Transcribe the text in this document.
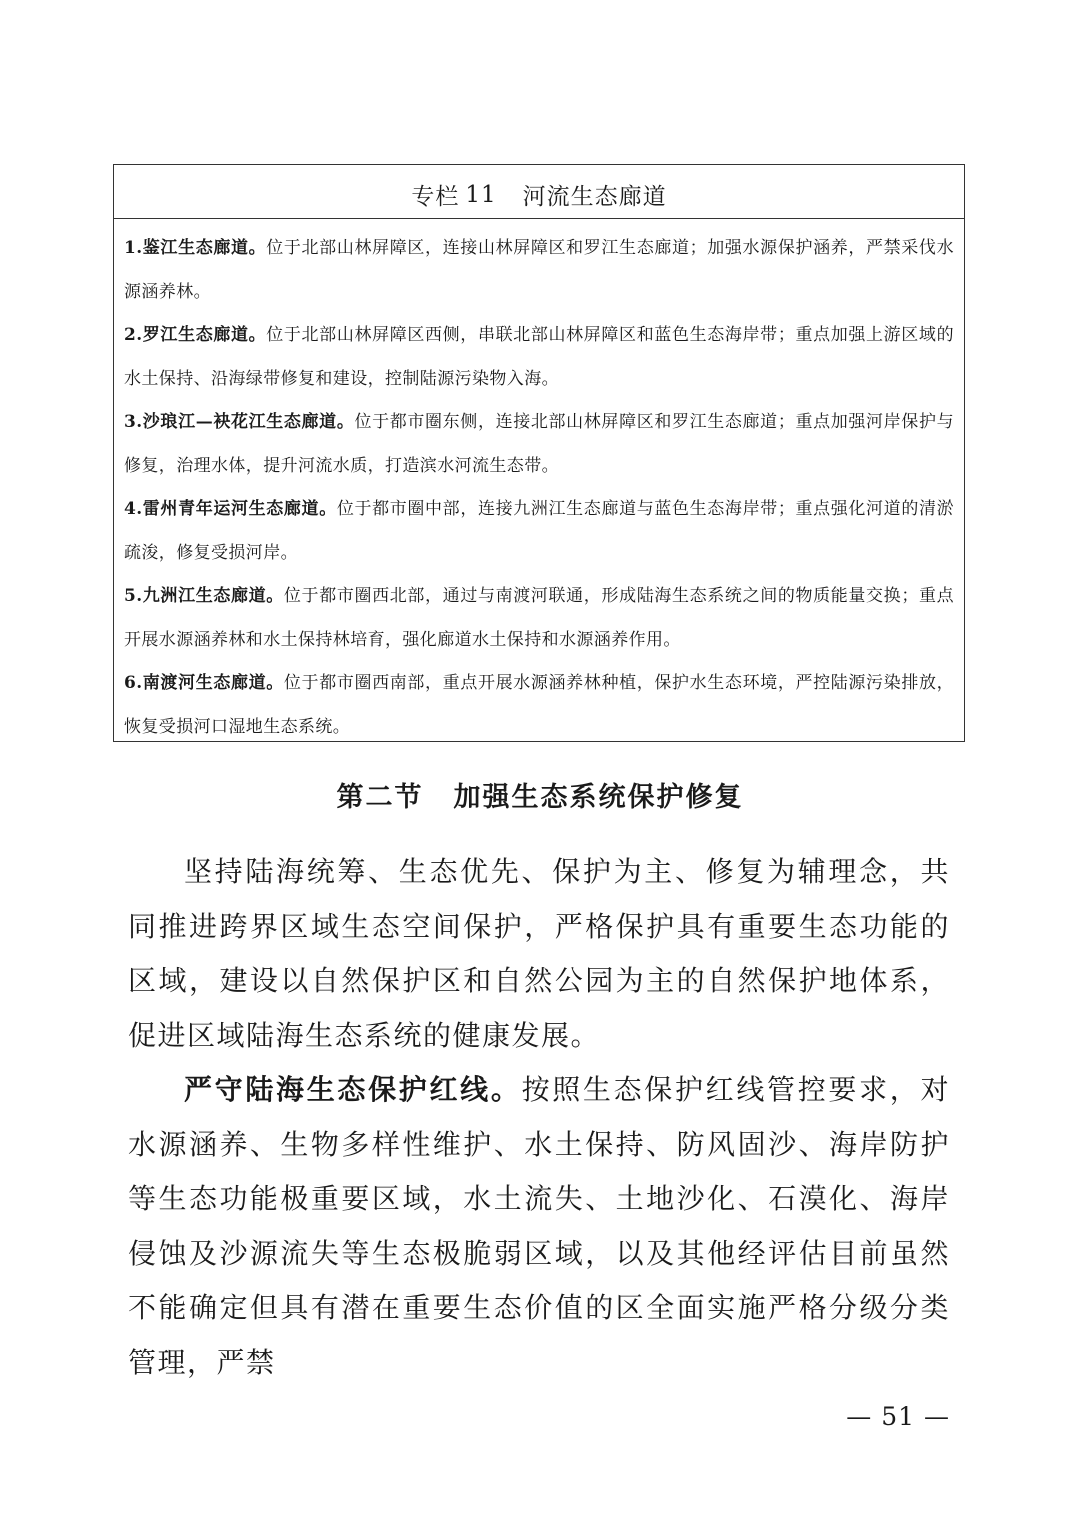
专栏 11 河流生态廊道

1.鉴江生态廊道。位于北部山林屏障区，连接山林屏障区和罗江生态廊道；加强水源保护涵养，严禁采伐水源涵养林。

2.罗江生态廊道。位于北部山林屏障区西侧，串联北部山林屏障区和蓝色生态海岸带；重点加强上游区域的水土保持、沿海绿带修复和建设，控制陆源污染物入海。

3.沙琅江—袂花江生态廊道。位于都市圈东侧，连接北部山林屏障区和罗江生态廊道；重点加强河岸保护与修复，治理水体，提升河流水质，打造滨水河流生态带。

4.雷州青年运河生态廊道。位于都市圈中部，连接九洲江生态廊道与蓝色生态海岸带；重点强化河道的清淤疏浚，修复受损河岸。

5.九洲江生态廊道。位于都市圈西北部，通过与南渡河联通，形成陆海生态系统之间的物质能量交换；重点开展水源涵养林和水土保持林培育，强化廊道水土保持和水源涵养作用。

6.南渡河生态廊道。位于都市圈西南部，重点开展水源涵养林种植，保护水生态环境，严控陆源污染排放，恢复受损河口湿地生态系统。

第二节 加强生态系统保护修复

坚持陆海统筹、生态优先、保护为主、修复为辅理念，共同推进跨界区域生态空间保护，严格保护具有重要生态功能的区域，建设以自然保护区和自然公园为主的自然保护地体系，促进区域陆海生态系统的健康发展。

严守陆海生态保护红线。按照生态保护红线管控要求，对水源涵养、生物多样性维护、水土保持、防风固沙、海岸防护等生态功能极重要区域，水土流失、土地沙化、石漠化、海岸侵蚀及沙源流失等生态极脆弱区域，以及其他经评估目前虽然不能确定但具有潜在重要生态价值的区全面实施严格分级分类管理，严禁

— 51 —
